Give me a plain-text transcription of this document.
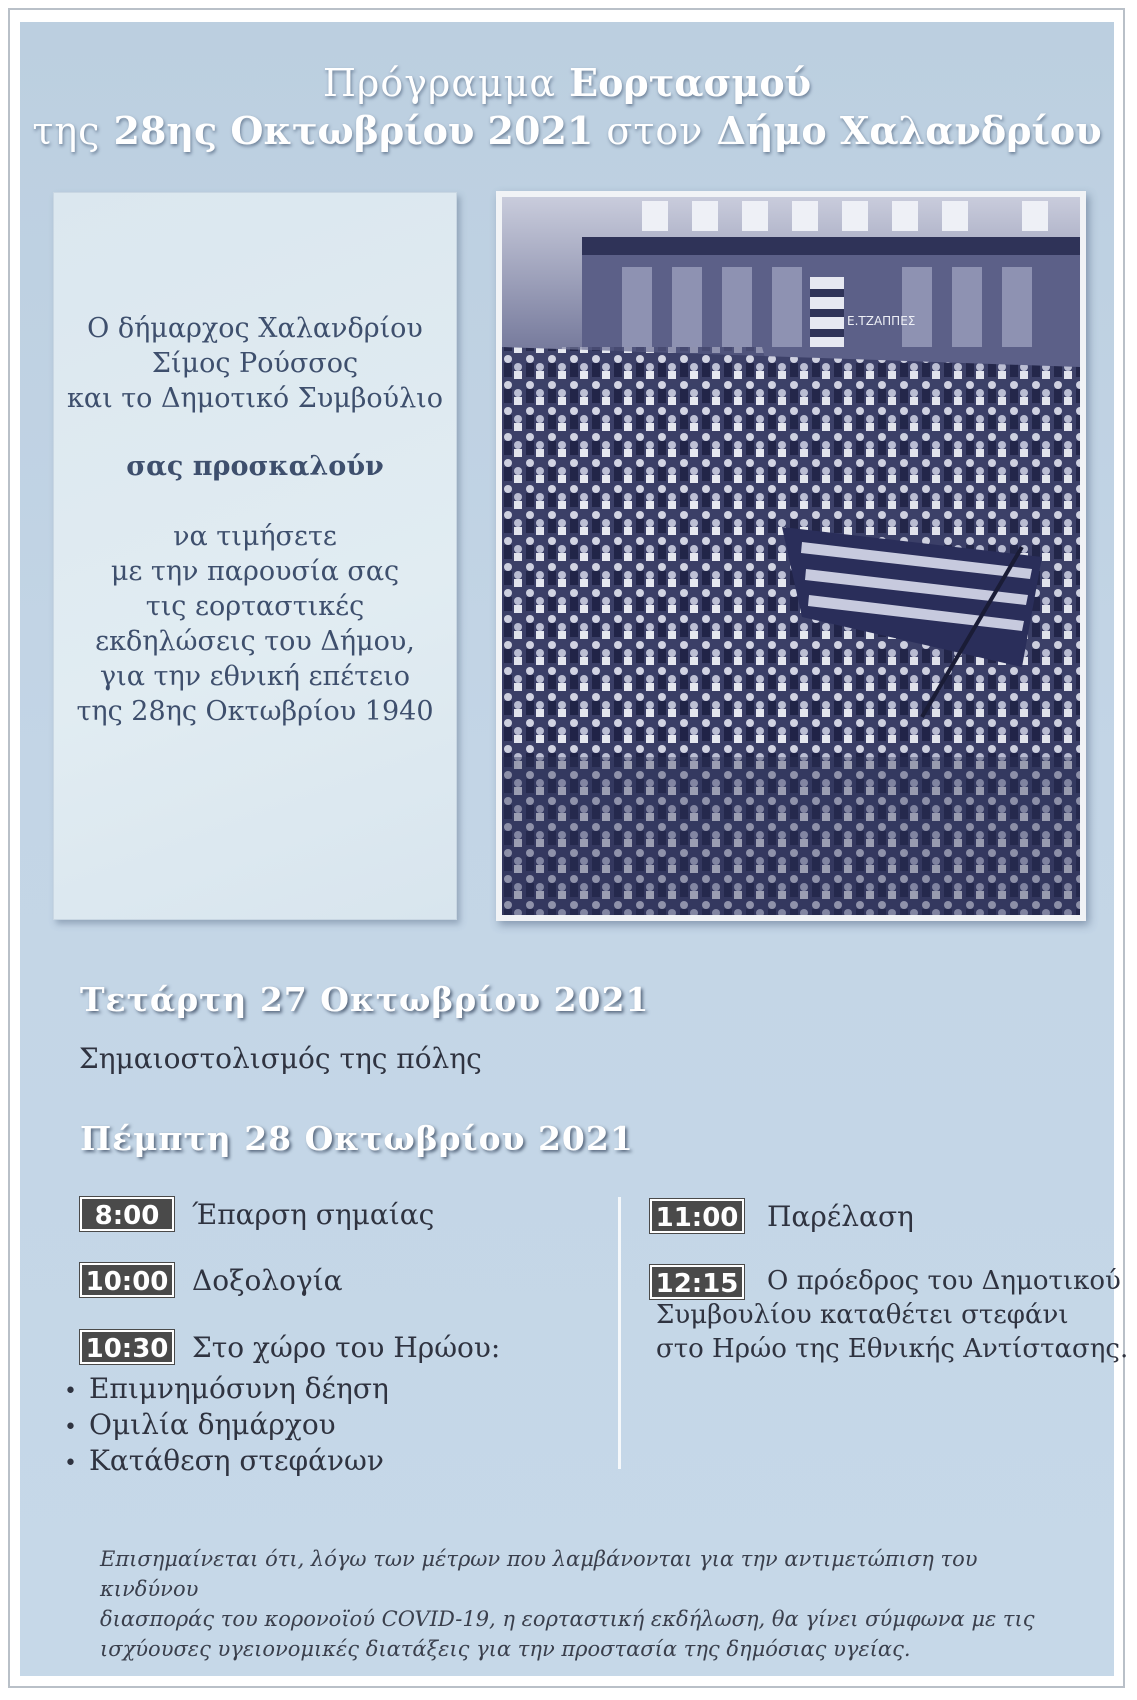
Πρόγραμμα Εορτασμού
της 28ης Οκτωβρίου 2021 στον Δήμο Χαλανδρίου
Ο δήμαρχος Χαλανδρίου
Σίμος Ρούσσος
και το Δημοτικό Συμβούλιο
σας προσκαλούν
να τιμήσετε
με την παρουσία σας
τις εορταστικές
εκδηλώσεις του Δήμου,
για την εθνική επέτειο
της 28ης Οκτωβρίου 1940
Ε.ΤΖΑΠΠΕΣ
Τετάρτη 27 Οκτωβρίου 2021
Σημαιοστολισμός της πόλης
Πέμπτη 28 Οκτωβρίου 2021
8:00	Έπαρση σημαίας
10:00 Δοξολογία
10:30 Στο χώρο του Ηρώου:
• Επιμνημόσυνη δέηση
• Ομιλία δημάρχου
• Κατάθεση στεφάνων
11:00 Παρέλαση
12:15 Ο πρόεδρος του Δημοτικού
Συμβουλίου καταθέτει στεφάνι
στο Ηρώο της Εθνικής Αντίστασης.
Επισημαίνεται ότι, λόγω των μέτρων που λαμβάνονται για την αντιμετώπιση του κινδύνου
διασποράς του κορονοϊού COVID-19, η εορταστική εκδήλωση, θα γίνει σύμφωνα με τις
ισχύουσες υγειονομικές διατάξεις για την προστασία της δημόσιας υγείας.
